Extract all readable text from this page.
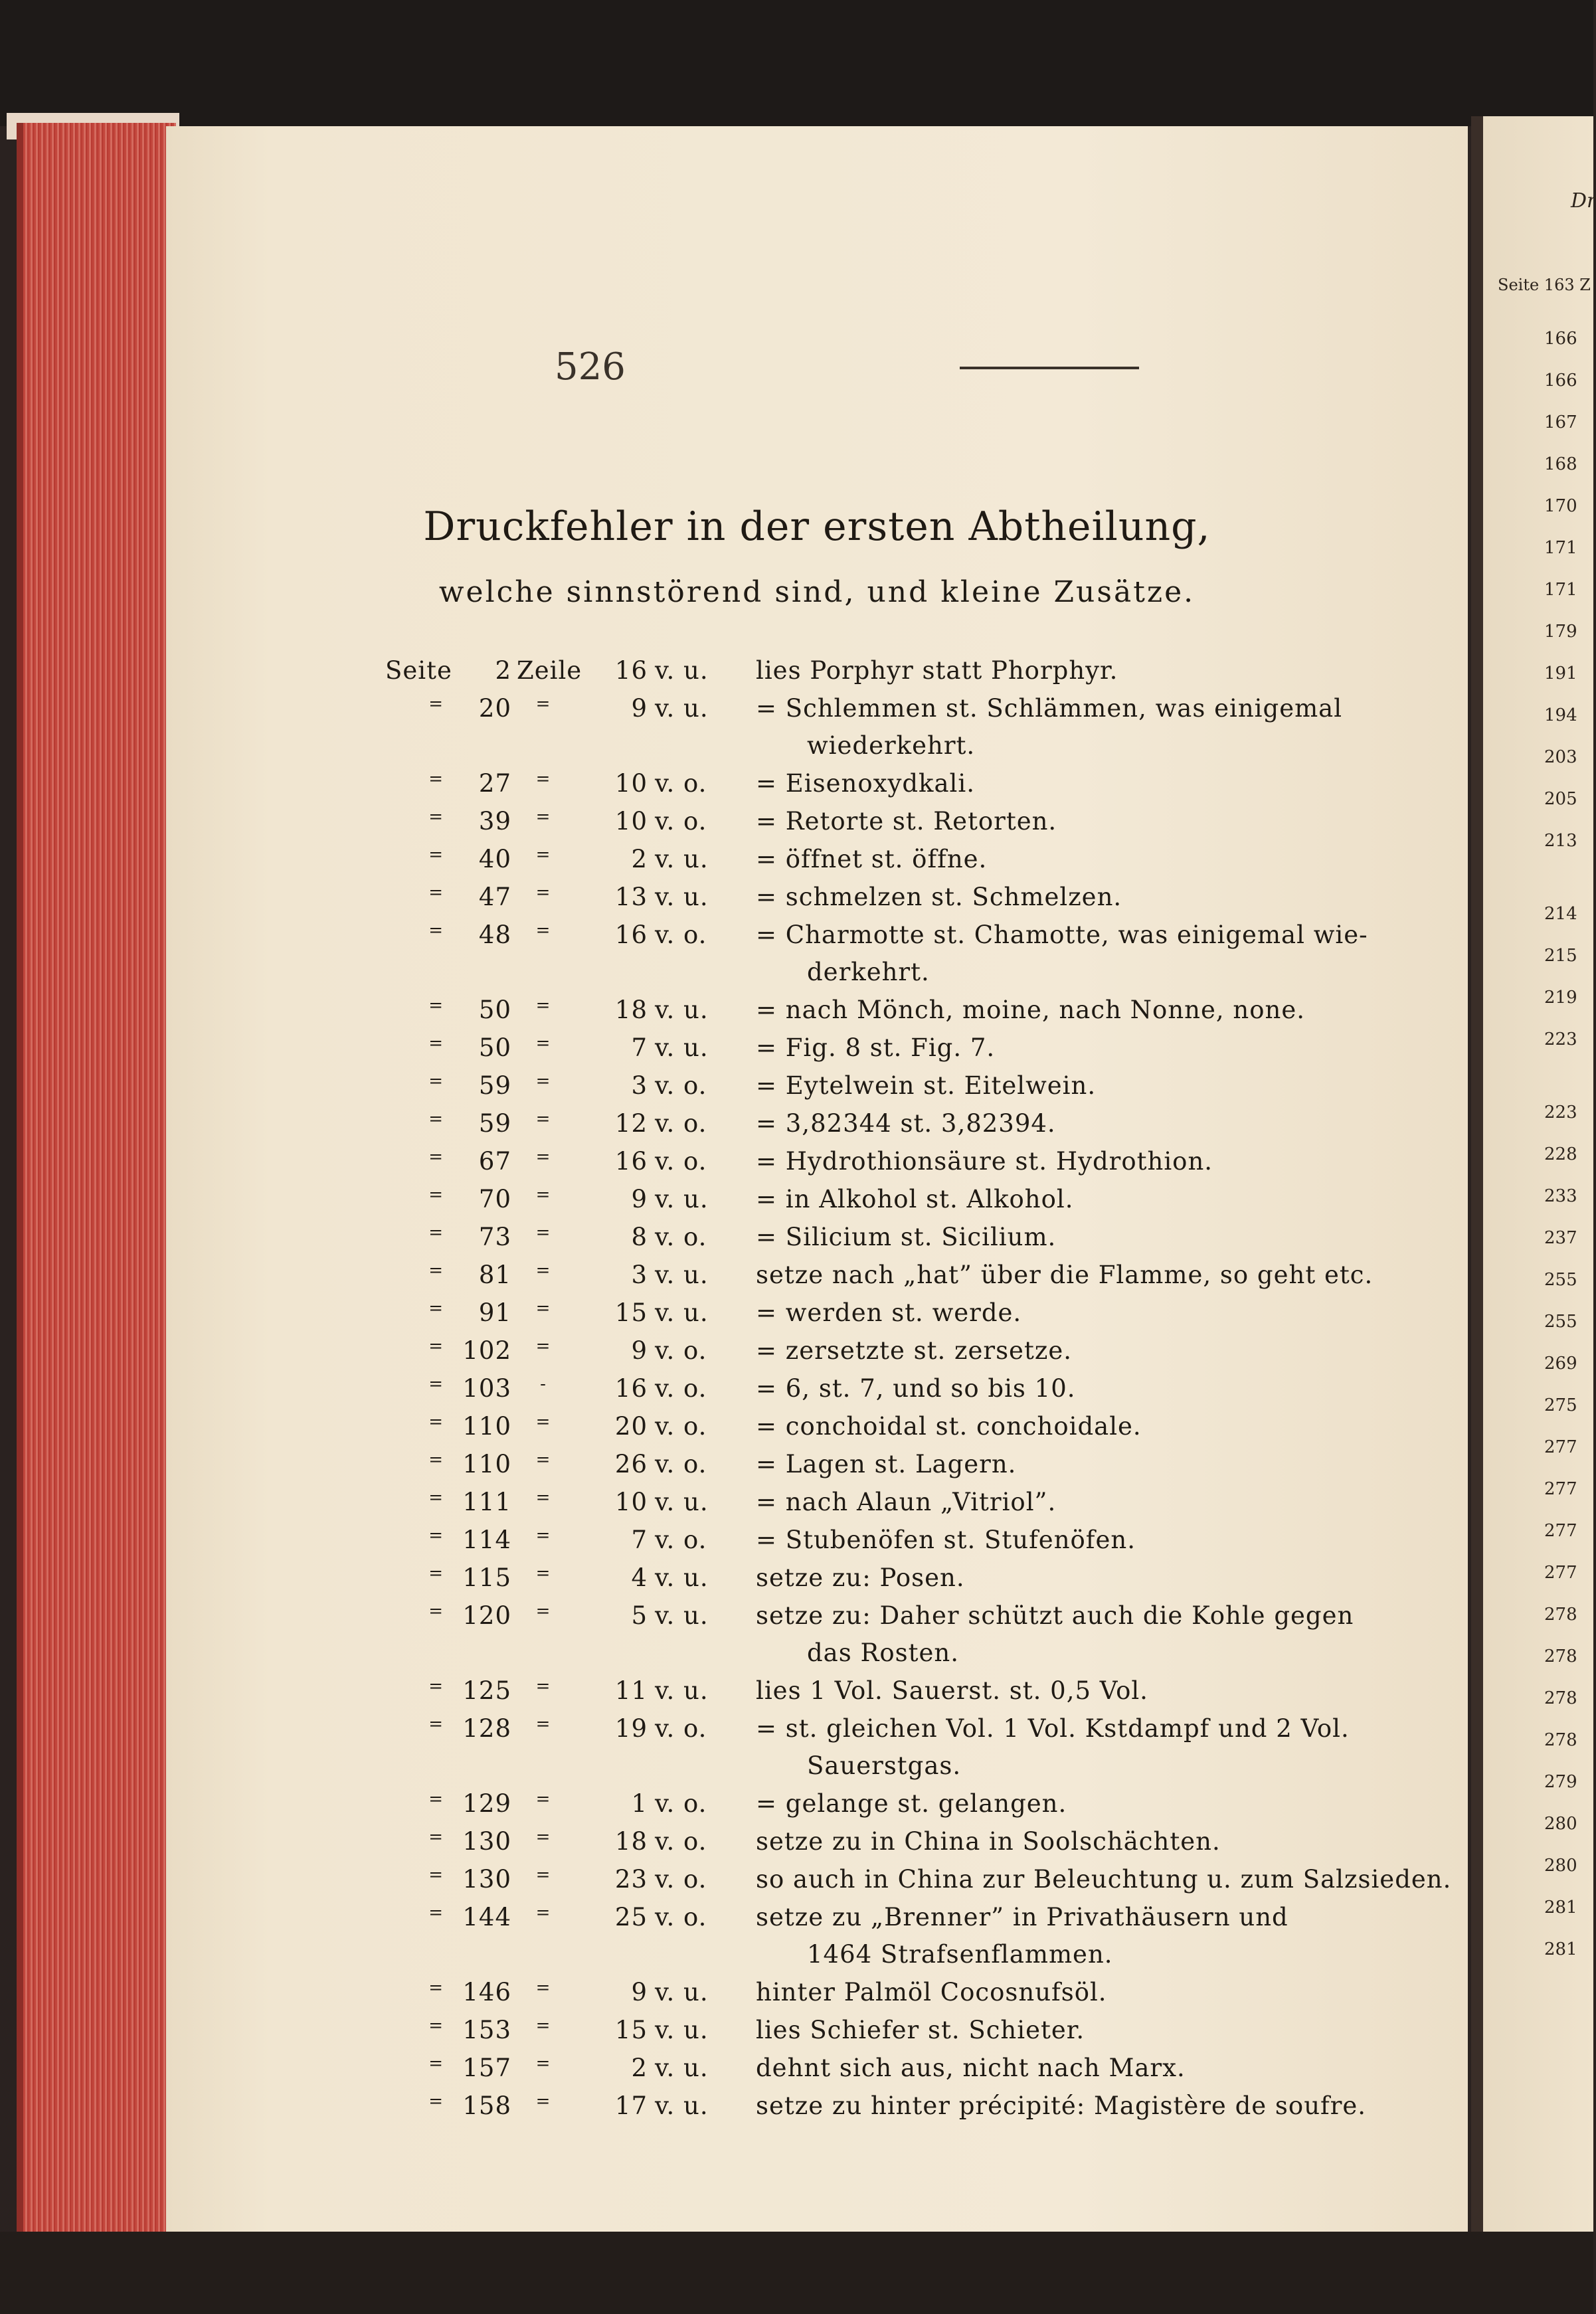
526
Druckfehler in der ersten Abtheilung,
welche sinnstörend sind, und kleine Zusätze.
Seite	2 Zeile	16 v. u.	lies Porphyr statt Phorphyr.
=	20	=	9 v. u.	= Schlemmen st. Schlämmen, was einigemal
wiederkehrt.
=	27	=	10 v. o.	= Eisenoxydkali.
=	39	=	10 v. o.	= Retorte st. Retorten.
=	40	=	2 v. u.	= öffnet st. öffne.
=	47	=	13 v. u.	= schmelzen st. Schmelzen.
=	48	=	16 v. o.	= Charmotte st. Chamotte, was einigemal wie-
derkehrt.
=	50	=	18 v. u.	= nach Mönch, moine, nach Nonne, none.
=	50	=	7 v. u.	= Fig. 8 st. Fig. 7.
=	59	=	3 v. o.	= Eytelwein st. Eitelwein.
=	59	=	12 v. o.	= 3,82344 st. 3,82394.
=	67	=	16 v. o.	= Hydrothionsäure st. Hydrothion.
=	70	=	9 v. u.	= in Alkohol st. Alkohol.
=	73	=	8 v. o.	= Silicium st. Sicilium.
=	81	=	3 v. u.	setze nach „hat” über die Flamme, so geht etc.
=	91	=	15 v. u.	= werden st. werde.
= 102	=	9 v. o.	= zersetzte st. zersetze.
= 103	-	16 v. o.	= 6, st. 7, und so bis 10.
= 110	=	20 v. o.	= conchoidal st. conchoidale.
= 110	=	26 v. o.	= Lagen st. Lagern.
= 111	=	10 v. u.	= nach Alaun „Vitriol”.
= 114	=	7 v. o.	= Stubenöfen st. Stufenöfen.
= 115	=	4 v. u.	setze zu: Posen.
= 120	=	5 v. u.	setze zu: Daher schützt auch die Kohle gegen
das Rosten.
= 125	=	11 v. u.	lies 1 Vol. Sauerst. st. 0,5 Vol.
= 128	=	19 v. o.	= st. gleichen Vol. 1 Vol. Kstdampf und 2 Vol.
Sauerstgas.
= 129	=	1 v. o.	= gelange st. gelangen.
= 130	=	18 v. o.	setze zu in China in Soolschächten.
= 130	=	23 v. o.	so auch in China zur Beleuchtung u. zum Salzsieden.
= 144	=	25 v. o.	setze zu „Brenner” in Privathäusern und
1464 Strafsenflammen.
= 146	=	9 v. u.	hinter Palmöl Cocosnufsöl.
= 153	=	15 v. u.	lies Schiefer st. Schieter.
= 157	=	2 v. u.	dehnt sich aus, nicht nach Marx.
= 158	=	17 v. u.	setze zu hinter précipité: Magistère de soufre.
Dr
Seite 163 Z
166
166
167
168
170
171
171
179
191
194
203
205
213
214
215
219
223
223
228
233
237
255
255
269
275
277
277
277
277
278
278
278
278
279
280
280
281
281
